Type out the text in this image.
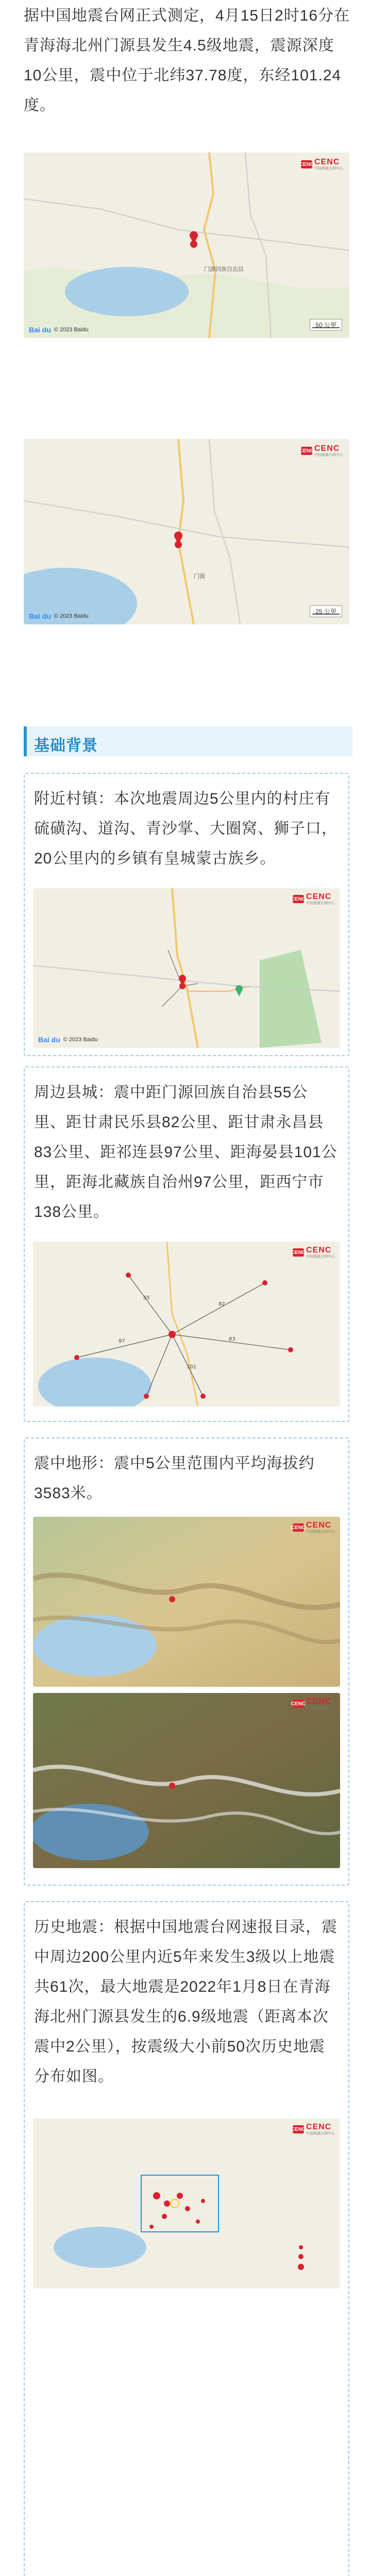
据中国地震台网正式测定，4月15日2时16分在青海海北州门源县发生4.5级地震，震源深度10公里，震中位于北纬37.78度，东经101.24度。
门源回族自治县
CENC CENC
中国地震台网中心
50 公里
Bai du © 2023 Baidu
门源
CENC CENC
中国地震台网中心
25 公里
Bai du © 2023 Baidu
基础背景
附近村镇：本次地震周边5公里内的村庄有硫磺沟、道沟、青沙掌、大圈窝、狮子口，20公里内的乡镇有皇城蒙古族乡。
CENC CENC
中国地震台网中心
Bai du © 2023 Baidu
周边县城：震中距门源回族自治县55公里、距甘肃民乐县82公里、距甘肃永昌县83公里、距祁连县97公里、距海晏县101公里，距海北藏族自治州97公里，距西宁市138公里。
55
82
83
97
101
CENC CENC
中国地震台网中心
震中地形：震中5公里范围内平均海拔约3583米。
CENC CENC
中国地震台网中心
CENC CENC
中国地震台网中心
历史地震：根据中国地震台网速报目录，震中周边200公里内近5年来发生3级以上地震共61次，最大地震是2022年1月8日在青海海北州门源县发生的6.9级地震（距离本次震中2公里），按震级大小前50次历史地震分布如图。
CENC CENC
中国地震台网中心
